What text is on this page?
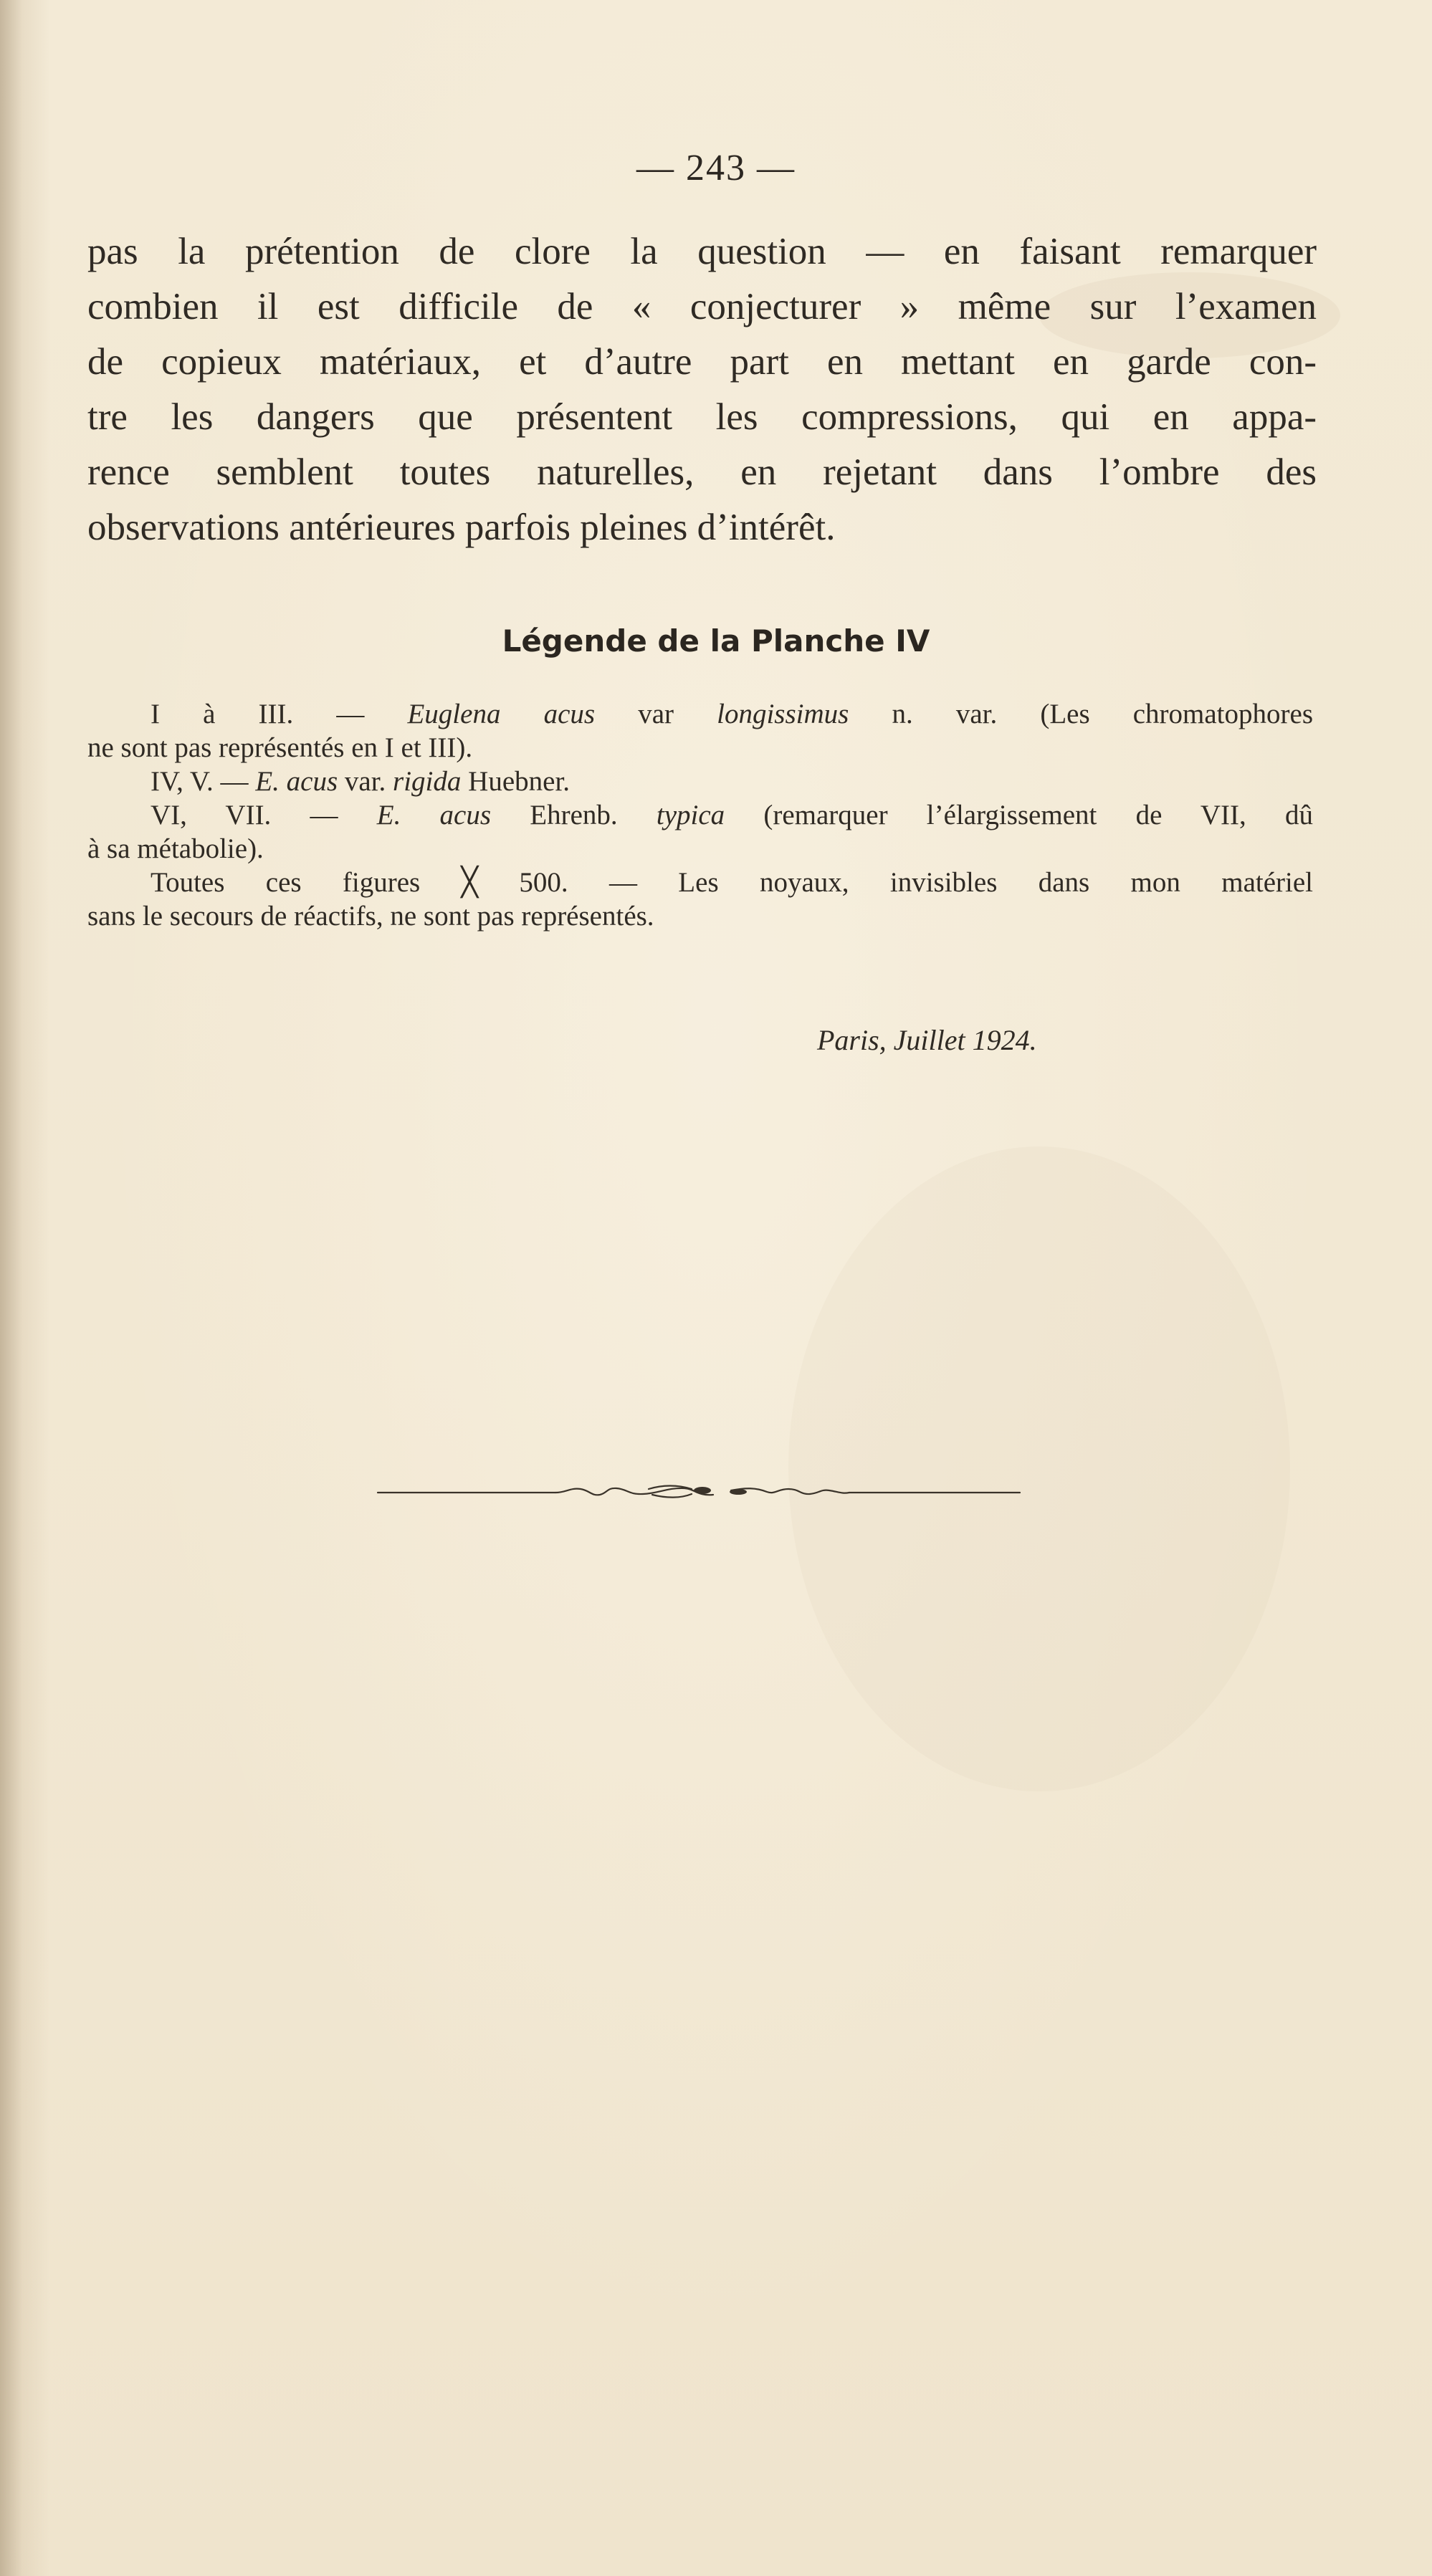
— 243 —
pas la prétention de clore la question — en faisant remarquer
combien il est difficile de « conjecturer » même sur l’examen
de copieux matériaux, et d’autre part en mettant en garde con-
tre les dangers que présentent les compressions, qui en appa-
rence semblent toutes naturelles, en rejetant dans l’ombre des
observations antérieures parfois pleines d’intérêt.
Légende de la Planche IV
I à III. — Euglena acus var longissimus n. var. (Les chromatophores
ne sont pas représentés en I et III).
IV, V. — E. acus var. rigida Huebner.
VI, VII. — E. acus Ehrenb. typica (remarquer l’élargissement de VII, dû
à sa métabolie).
Toutes ces figures ╳ 500. — Les noyaux, invisibles dans mon matériel
sans le secours de réactifs, ne sont pas représentés.
Paris, Juillet 1924.
